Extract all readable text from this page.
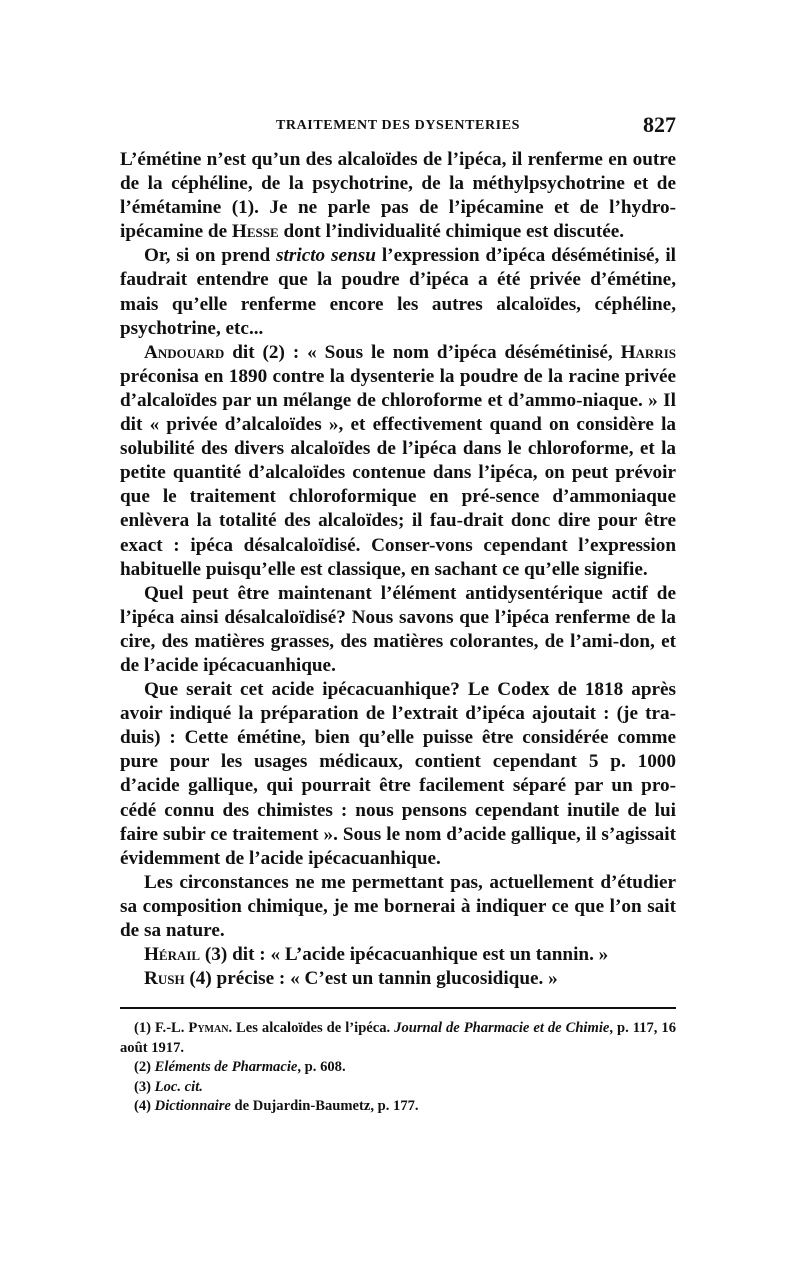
TRAITEMENT DES DYSENTERIES	827

L’émétine n’est qu’un des alcaloïdes de l’ipéca, il renferme en outre de la céphéline, de la psychotrine, de la méthylpsychotrine et de l’émétamine (1). Je ne parle pas de l’ipécamine et de l’hydro-ipécamine de Hesse dont l’individualité chimique est discutée.

Or, si on prend stricto sensu l’expression d’ipéca désémétinisé, il faudrait entendre que la poudre d’ipéca a été privée d’émétine, mais qu’elle renferme encore les autres alcaloïdes, céphéline, psychotrine, etc...

Andouard dit (2) : « Sous le nom d’ipéca désémétinisé, Harris préconisa en 1890 contre la dysenterie la poudre de la racine privée d’alcaloïdes par un mélange de chloroforme et d’ammo-niaque. » Il dit « privée d’alcaloïdes », et effectivement quand on considère la solubilité des divers alcaloïdes de l’ipéca dans le chloroforme, et la petite quantité d’alcaloïdes contenue dans l’ipéca, on peut prévoir que le traitement chloroformique en pré-sence d’ammoniaque enlèvera la totalité des alcaloïdes; il fau-drait donc dire pour être exact : ipéca désalcaloïdisé. Conser-vons cependant l’expression habituelle puisqu’elle est classique, en sachant ce qu’elle signifie.

Quel peut être maintenant l’élément antidysentérique actif de l’ipéca ainsi désalcaloïdisé? Nous savons que l’ipéca renferme de la cire, des matières grasses, des matières colorantes, de l’ami-don, et de l’acide ipécacuanhique.

Que serait cet acide ipécacuanhique? Le Codex de 1818 après avoir indiqué la préparation de l’extrait d’ipéca ajoutait : (je tra-duis) : Cette émétine, bien qu’elle puisse être considérée comme pure pour les usages médicaux, contient cependant 5 p. 1000 d’acide gallique, qui pourrait être facilement séparé par un pro-cédé connu des chimistes : nous pensons cependant inutile de lui faire subir ce traitement ». Sous le nom d’acide gallique, il s’agissait évidemment de l’acide ipécacuanhique.

Les circonstances ne me permettant pas, actuellement d’étudier sa composition chimique, je me bornerai à indiquer ce que l’on sait de sa nature.

Hérail (3) dit : « L’acide ipécacuanhique est un tannin. »

Rush (4) précise : « C’est un tannin glucosidique. »

(1) F.-L. Pyman. Les alcaloïdes de l’ipéca. Journal de Pharmacie et de Chimie, p. 117, 16 août 1917.

(2) Eléments de Pharmacie, p. 608.

(3) Loc. cit.

(4) Dictionnaire de Dujardin-Baumetz, p. 177.
